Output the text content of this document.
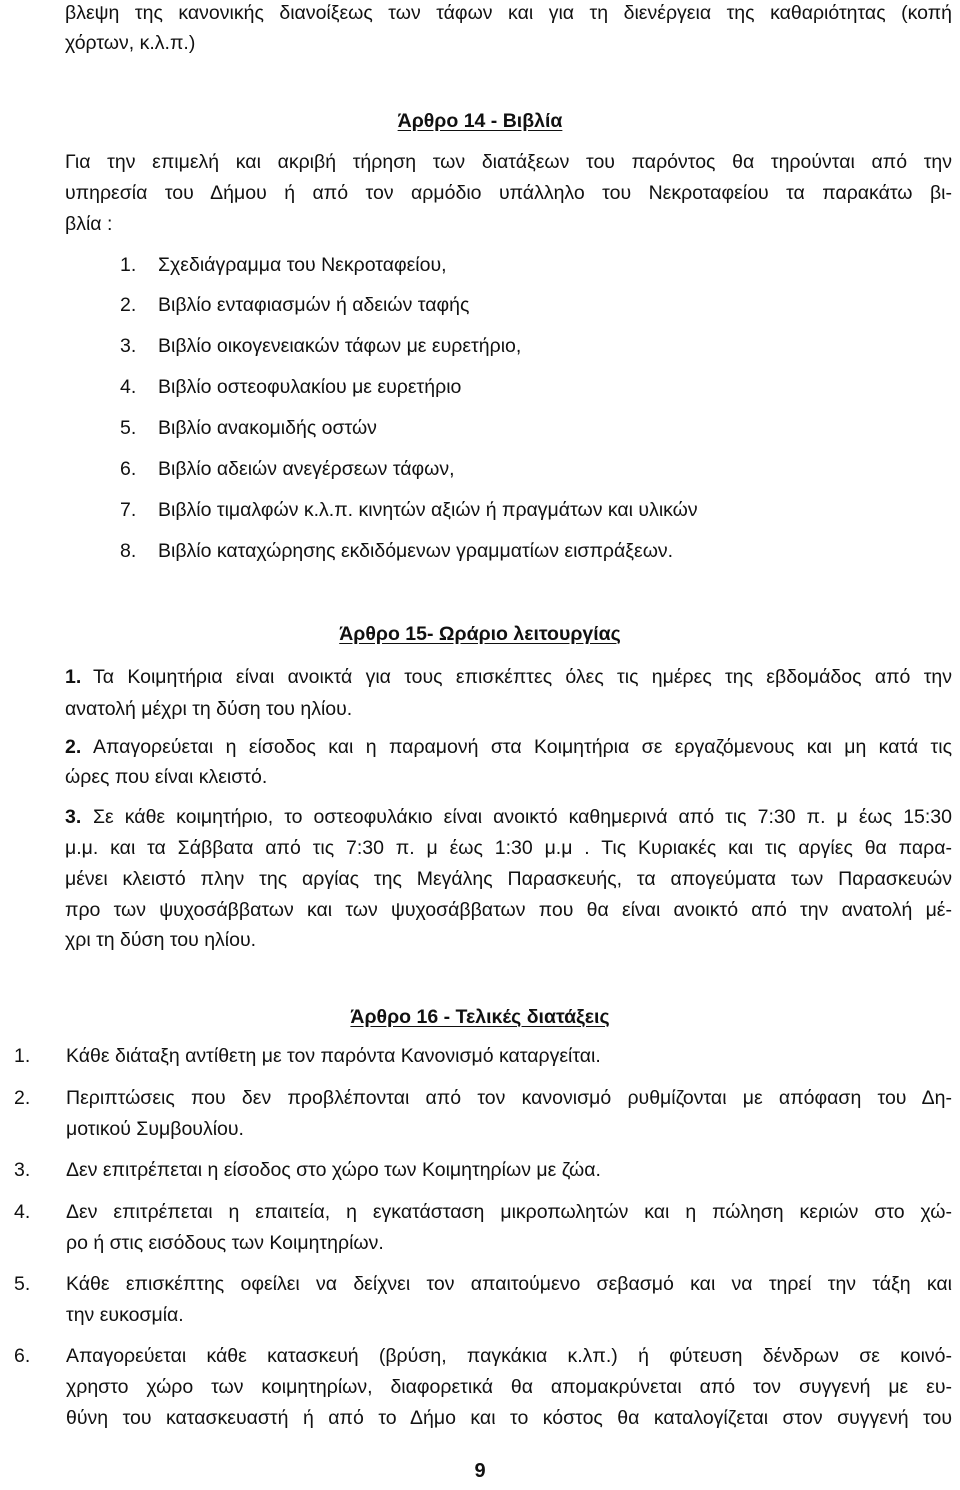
βλεψη της κανονικής διανοίξεως των τάφων και για τη διενέργεια της καθαριότητας (κοπή
χόρτων, κ.λ.π.)
Άρθρο 14 - Βιβλία
Για την επιμελή και ακριβή τήρηση των διατάξεων του παρόντος θα τηρούνται από την
υπηρεσία του Δήμου ή από τον αρμόδιο υπάλληλο του Νεκροταφείου τα παρακάτω βι-
βλία :
1. Σχεδιάγραμμα του Νεκροταφείου,
2. Βιβλίο ενταφιασμών ή αδειών ταφής
3. Βιβλίο οικογενειακών τάφων με ευρετήριο,
4. Βιβλίο οστεοφυλακίου με ευρετήριο
5. Βιβλίο ανακομιδής οστών
6. Βιβλίο αδειών ανεγέρσεων τάφων,
7. Βιβλίο τιμαλφών κ.λ.π. κινητών αξιών ή πραγμάτων και υλικών
8. Βιβλίο καταχώρησης εκδιδόμενων γραμματίων εισπράξεων.
Άρθρο 15- Ωράριο λειτουργίας
1. Τα Κοιμητήρια είναι ανοικτά για τους επισκέπτες όλες τις ημέρες της εβδομάδος από την
ανατολή μέχρι τη δύση του ηλίου.
2. Απαγορεύεται η είσοδος και η παραμονή στα Κοιμητήρια σε εργαζόμενους και μη κατά τις
ώρες που είναι κλειστό.
3. Σε κάθε κοιμητήριο, το οστεοφυλάκιο είναι ανοικτό καθημερινά από τις 7:30 π. μ έως 15:30
μ.μ. και τα Σάββατα από τις 7:30 π. μ έως 1:30 μ.μ . Τις Κυριακές και τις αργίες θα παρα-
μένει κλειστό πλην της αργίας της Μεγάλης Παρασκευής, τα απογεύματα των Παρασκευών
προ των ψυχοσάββατων και των ψυχοσάββατων που θα είναι ανοικτό από την ανατολή μέ-
χρι τη δύση του ηλίου.
Άρθρο 16 - Τελικές διατάξεις
1. Κάθε διάταξη αντίθετη με τον παρόντα Κανονισμό καταργείται.
2. Περιπτώσεις που δεν προβλέπονται από τον κανονισμό ρυθμίζονται με απόφαση του Δη-
μοτικού Συμβουλίου.
3. Δεν επιτρέπεται η είσοδος στο χώρο των Κοιμητηρίων με ζώα.
4. Δεν επιτρέπεται η επαιτεία, η εγκατάσταση μικροπωλητών και η πώληση κεριών στο χώ-
ρο ή στις εισόδους των Κοιμητηρίων.
5. Κάθε επισκέπτης οφείλει να δείχνει τον απαιτούμενο σεβασμό και να τηρεί την τάξη και
την ευκοσμία.
6. Απαγορεύεται κάθε κατασκευή (βρύση, παγκάκια κ.λπ.) ή φύτευση δένδρων σε κοινό-
χρηστο χώρο των κοιμητηρίων, διαφορετικά θα απομακρύνεται από τον συγγενή με ευ-
θύνη του κατασκευαστή ή από το Δήμο και το κόστος θα καταλογίζεται στον συγγενή του
9
